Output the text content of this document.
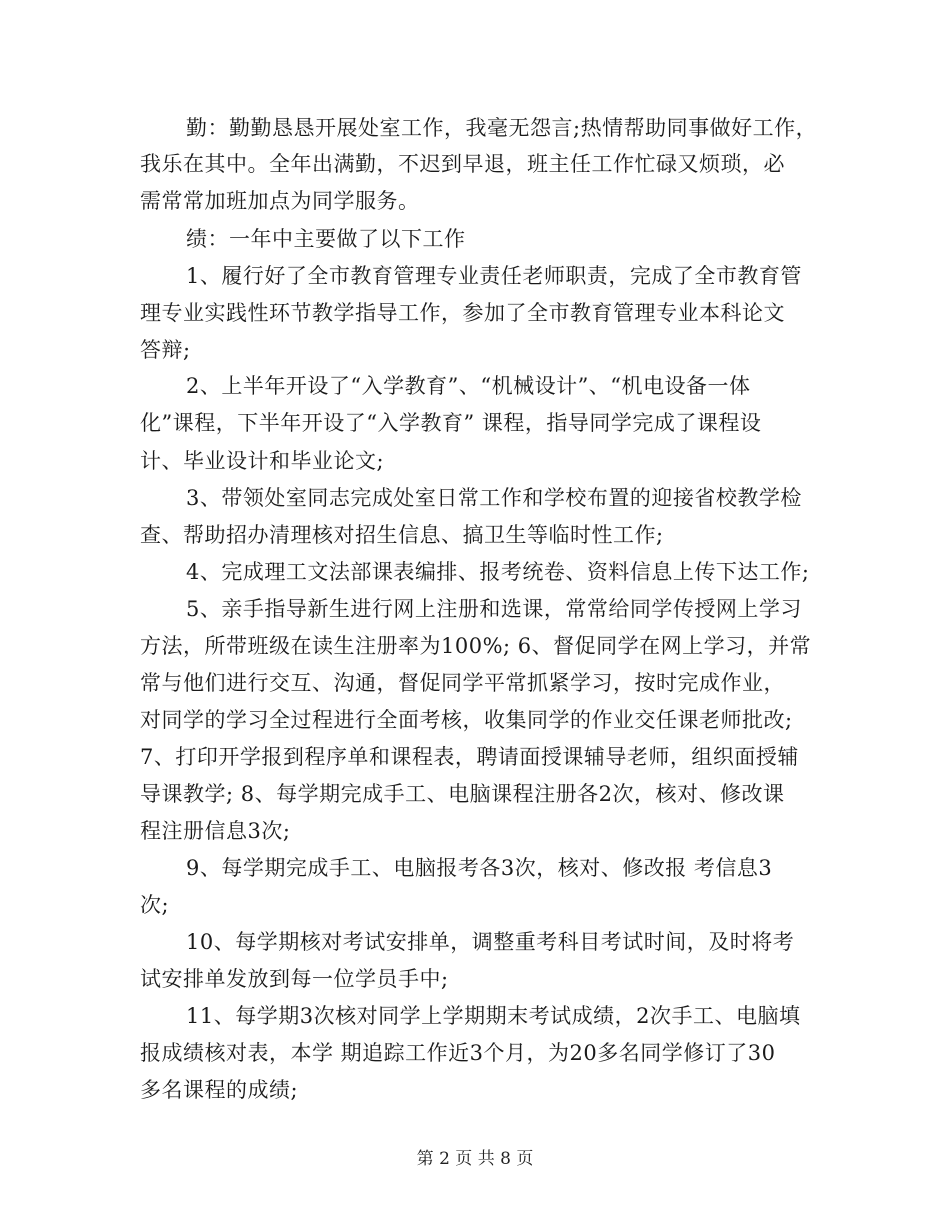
勤：勤勤恳恳开展处室工作，我毫无怨言;热情帮助同事做好工作，
我乐在其中。全年出满勤，不迟到早退，班主任工作忙碌又烦琐，必
需常常加班加点为同学服务。
绩：一年中主要做了以下工作
1、履行好了全市教育管理专业责任老师职责，完成了全市教育管
理专业实践性环节教学指导工作，参加了全市教育管理专业本科论文
答辩;
2、上半年开设了“入学教育”、“机械设计”、“机电设备一体
化”课程，下半年开设了“入学教育” 课程，指导同学完成了课程设
计、毕业设计和毕业论文;
3、带领处室同志完成处室日常工作和学校布置的迎接省校教学检
查、帮助招办清理核对招生信息、搞卫生等临时性工作;
4、完成理工文法部课表编排、报考统卷、资料信息上传下达工作;
5、亲手指导新生进行网上注册和选课，常常给同学传授网上学习
方法，所带班级在读生注册率为100%; 6、督促同学在网上学习，并常
常与他们进行交互、沟通，督促同学平常抓紧学习，按时完成作业，
对同学的学习全过程进行全面考核，收集同学的作业交任课老师批改;
7、打印开学报到程序单和课程表，聘请面授课辅导老师，组织面授辅
导课教学; 8、每学期完成手工、电脑课程注册各2次，核对、修改课
程注册信息3次;
9、每学期完成手工、电脑报考各3次，核对、修改报 考信息3
次;
10、每学期核对考试安排单，调整重考科目考试时间，及时将考
试安排单发放到每一位学员手中;
11、每学期3次核对同学上学期期末考试成绩，2次手工、电脑填
报成绩核对表，本学 期追踪工作近3个月，为20多名同学修订了30
多名课程的成绩;
第 2 页 共 8 页
